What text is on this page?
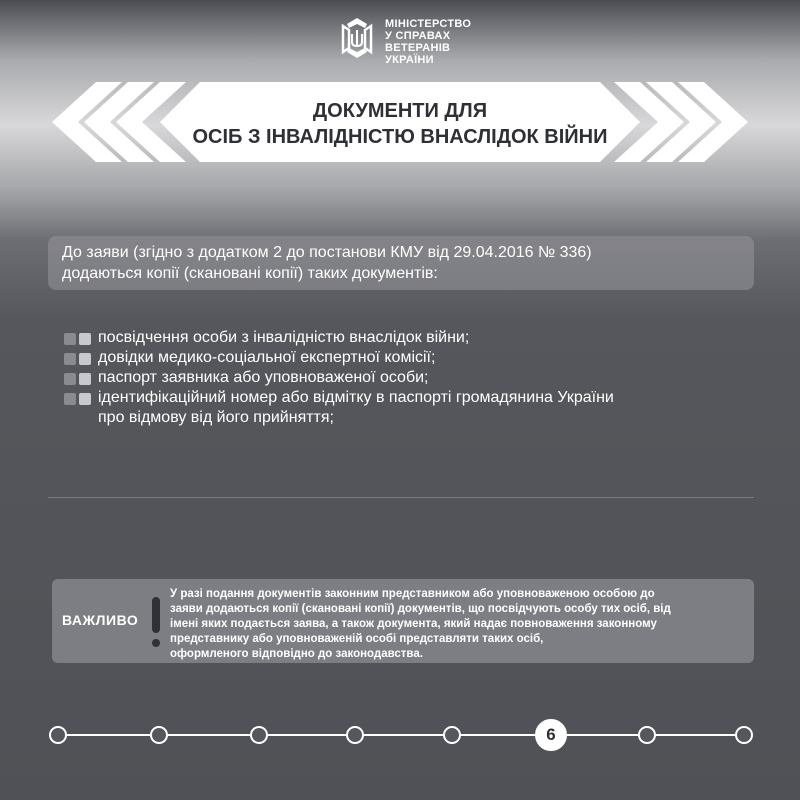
МІНІСТЕРСТВО
У СПРАВАХ
ВЕТЕРАНІВ
УКРАЇНИ
ДОКУМЕНТИ ДЛЯ
ОСІБ З ІНВАЛІДНІСТЮ ВНАСЛІДОК ВІЙНИ
До заяви (згідно з додатком 2 до постанови КМУ від 29.04.2016 № 336)
додаються копії (скановані копії) таких документів:
посвідчення особи з інвалідністю внаслідок війни;
довідки медико-соціальної експертної комісії;
паспорт заявника або уповноваженої особи;
ідентифікаційний номер або відмітку в паспорті громадянина України
про відмову від його прийняття;
ВАЖЛИВО
У разі подання документів законним представником або уповноваженою особою до
заяви додаються копії (скановані копії) документів, що посвідчують особу тих осіб, від
імені яких подається заява, а також документа, який надає повноваження законному
представнику або уповноваженій особі представляти таких осіб,
оформленого відповідно до законодавства.
6
